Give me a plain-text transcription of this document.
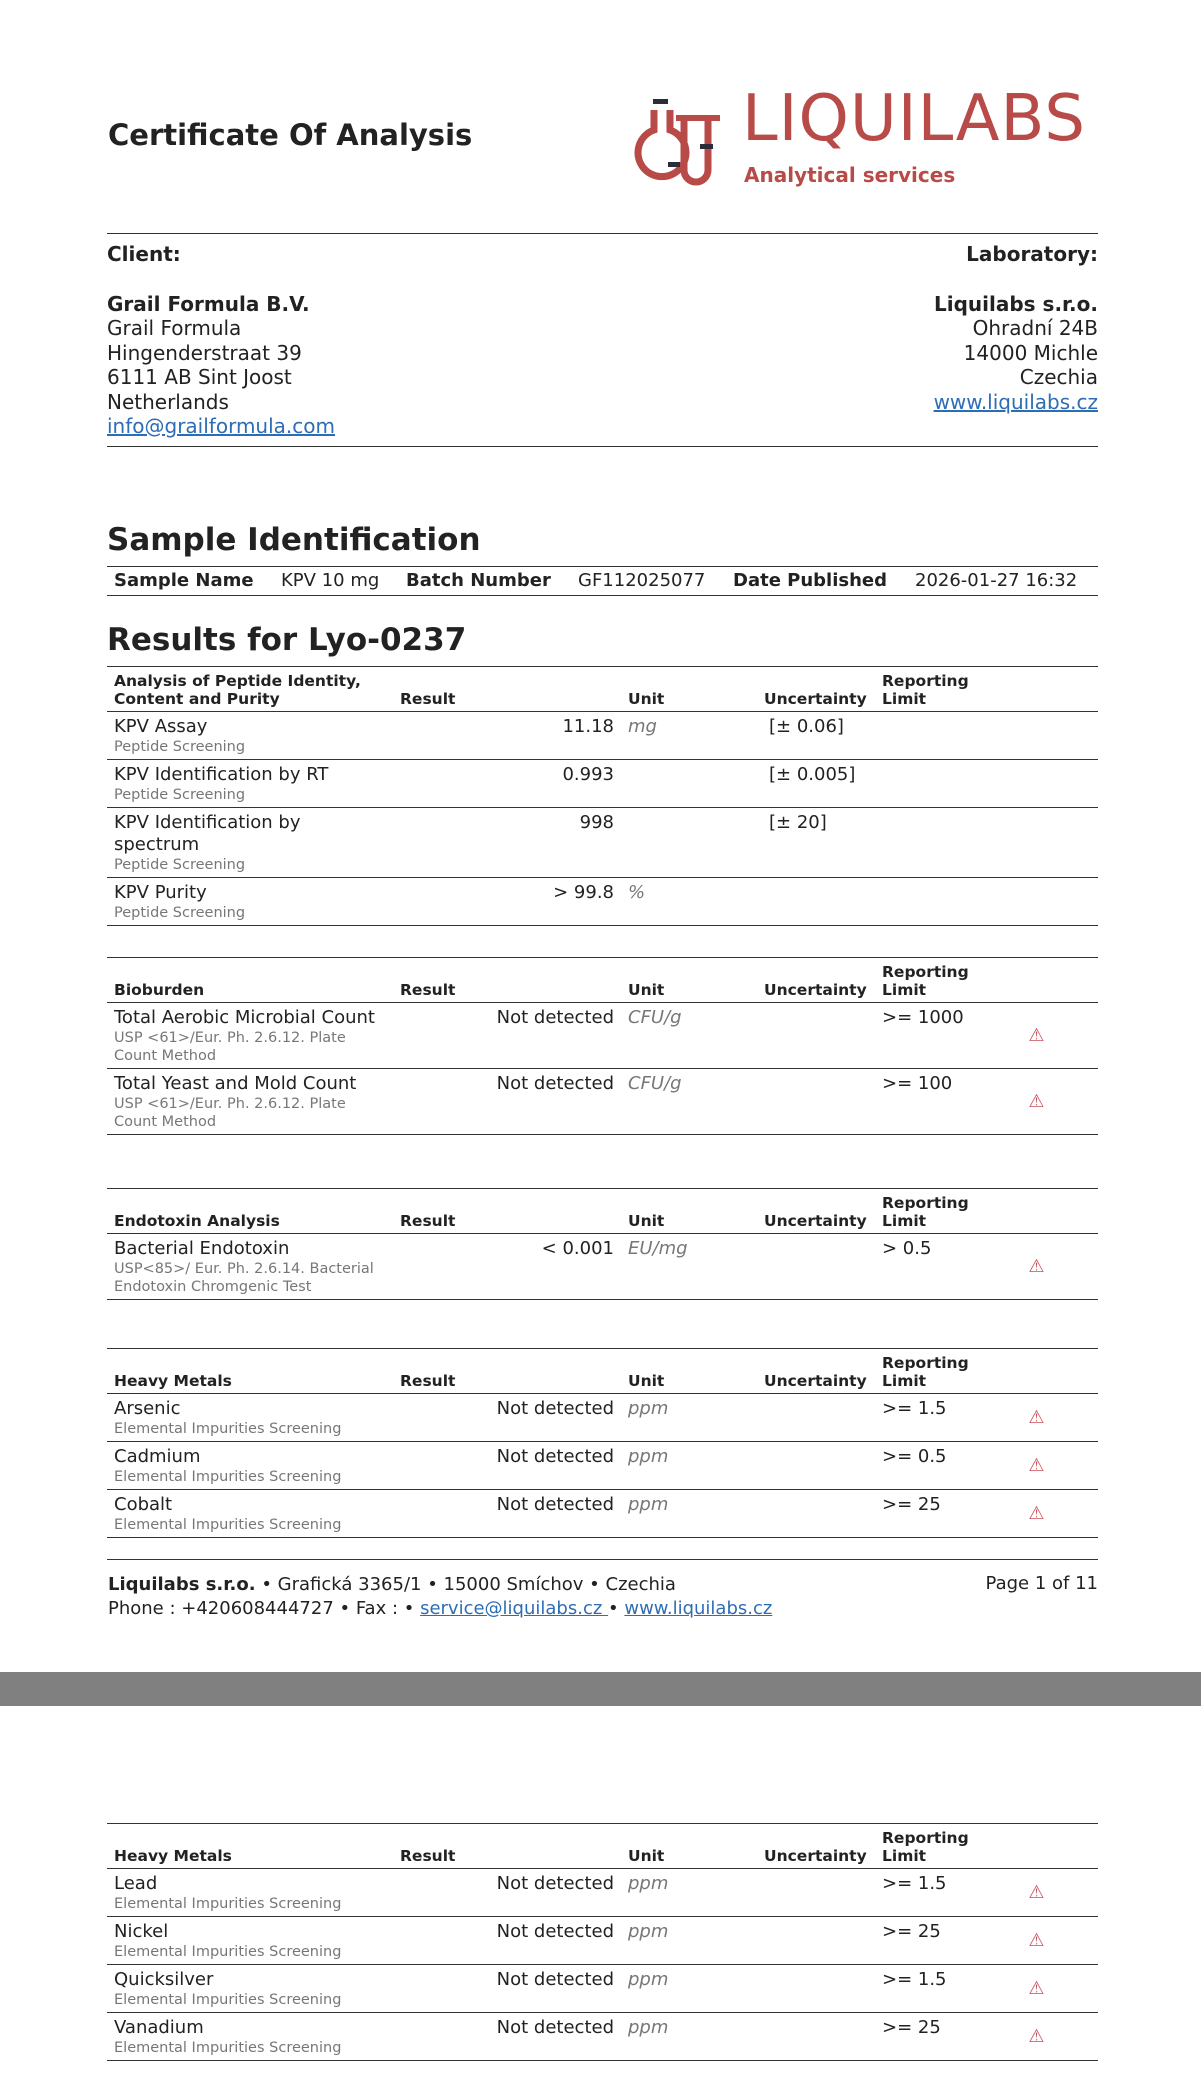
Certificate Of Analysis	LIQUILABS
Analytical services
Client:
Grail Formula B.V.
Grail Formula
Hingenderstraat 39
6111 AB Sint Joost
Netherlands
info@grailformula.com
Laboratory:
Liquilabs s.r.o.
Ohradní 24B
14000 Michle
Czechia
www.liquilabs.cz
Sample Identification
Sample Name KPV 10 mg Batch Number GF112025077 Date Published 2026-01-27 16:32
Results for Lyo-0237
Analysis of Peptide Identity, Content and Purity	Result	Unit	Uncertainty	Reporting Limit	

KPV Assay
Peptide Screening	11.18	mg	[± 0.06]		

KPV Identification by RT
Peptide Screening	0.993		[± 0.005]		

KPV Identification by spectrum
Peptide Screening	998		[± 20]		

KPV Purity
Peptide Screening	> 99.8	%			
Bioburden	Result	Unit	Uncertainty	Reporting Limit	

Total Aerobic Microbial Count
USP <61>/Eur. Ph. 2.6.12. Plate Count Method	Not detected	CFU/g		>= 1000	⚠

Total Yeast and Mold Count
USP <61>/Eur. Ph. 2.6.12. Plate Count Method	Not detected	CFU/g		>= 100	⚠
Endotoxin Analysis	Result	Unit	Uncertainty	Reporting Limit	

Bacterial Endotoxin
USP<85>/ Eur. Ph. 2.6.14. Bacterial Endotoxin Chromgenic Test	< 0.001	EU/mg		> 0.5	⚠
Heavy Metals	Result	Unit	Uncertainty	Reporting Limit	

Arsenic
Elemental Impurities Screening	Not detected	ppm		>= 1.5	⚠

Cadmium
Elemental Impurities Screening	Not detected	ppm		>= 0.5	⚠

Cobalt
Elemental Impurities Screening	Not detected	ppm		>= 25	⚠
Liquilabs s.r.o. • Grafická 3365/1 • 15000 Smíchov • Czechia
Phone : +420608444727 • Fax : • service@liquilabs.cz • www.liquilabs.cz
Page 1 of 11
Heavy Metals	Result	Unit	Uncertainty	Reporting Limit	

Lead
Elemental Impurities Screening	Not detected	ppm		>= 1.5	⚠

Nickel
Elemental Impurities Screening	Not detected	ppm		>= 25	⚠

Quicksilver
Elemental Impurities Screening	Not detected	ppm		>= 1.5	⚠

Vanadium
Elemental Impurities Screening	Not detected	ppm		>= 25	⚠
